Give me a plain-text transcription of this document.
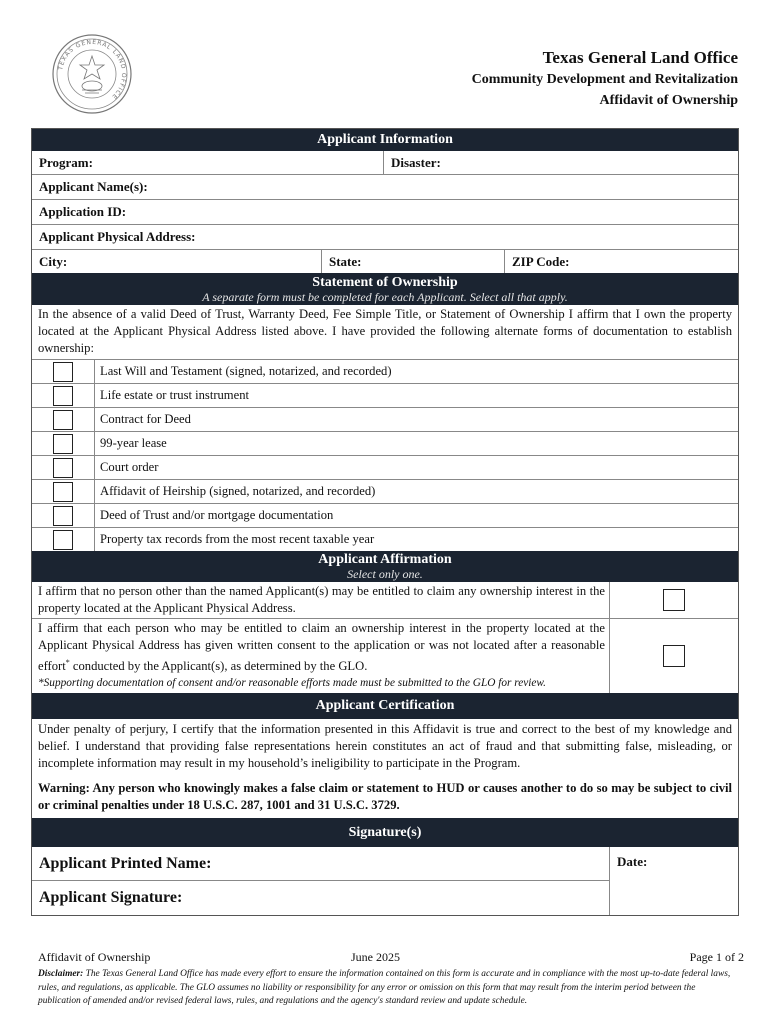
TEXAS GENERAL LAND OFFICE
Texas General Land Office
Community Development and Revitalization
Affidavit of Ownership
Applicant Information
Program:	Disaster:
Applicant Name(s):
Application ID:
Applicant Physical Address:
City:	State:	ZIP Code:
Statement of Ownership
A separate form must be completed for each Applicant. Select all that apply.
In the absence of a valid Deed of Trust, Warranty Deed, Fee Simple Title, or Statement of Ownership I affirm that I own the property located at the Applicant Physical Address listed above. I have provided the following alternate forms of documentation to establish ownership:
Last Will and Testament (signed, notarized, and recorded)
Life estate or trust instrument
Contract for Deed
99-year lease
Court order
Affidavit of Heirship (signed, notarized, and recorded)
Deed of Trust and/or mortgage documentation
Property tax records from the most recent taxable year
Applicant Affirmation
Select only one.
I affirm that no person other than the named Applicant(s) may be entitled to claim any ownership interest in the property located at the Applicant Physical Address.
I affirm that each person who may be entitled to claim an ownership interest in the property located at the Applicant Physical Address has given written consent to the application or was not located after a reasonable effort* conducted by the Applicant(s), as determined by the GLO.
*Supporting documentation of consent and/or reasonable efforts made must be submitted to the GLO for review.
Applicant Certification
Under penalty of perjury, I certify that the information presented in this Affidavit is true and correct to the best of my knowledge and belief. I understand that providing false representations herein constitutes an act of fraud and that submitting false, misleading, or incomplete information may result in my household’s ineligibility to participate in the Program.
Warning: Any person who knowingly makes a false claim or statement to HUD or causes another to do so may be subject to civil or criminal penalties under 18 U.S.C. 287, 1001 and 31 U.S.C. 3729.
Signature(s)
Applicant Printed Name:
Applicant Signature:
Date:
Affidavit of Ownership	June 2025	Page 1 of 2
Disclaimer: The Texas General Land Office has made every effort to ensure the information contained on this form is accurate and in compliance with the most up-to-date federal laws, rules, and regulations, as applicable. The GLO assumes no liability or responsibility for any error or omission on this form that may result from the interim period between the publication of amended and/or revised federal laws, rules, and regulations and the agency's standard review and update schedule.
